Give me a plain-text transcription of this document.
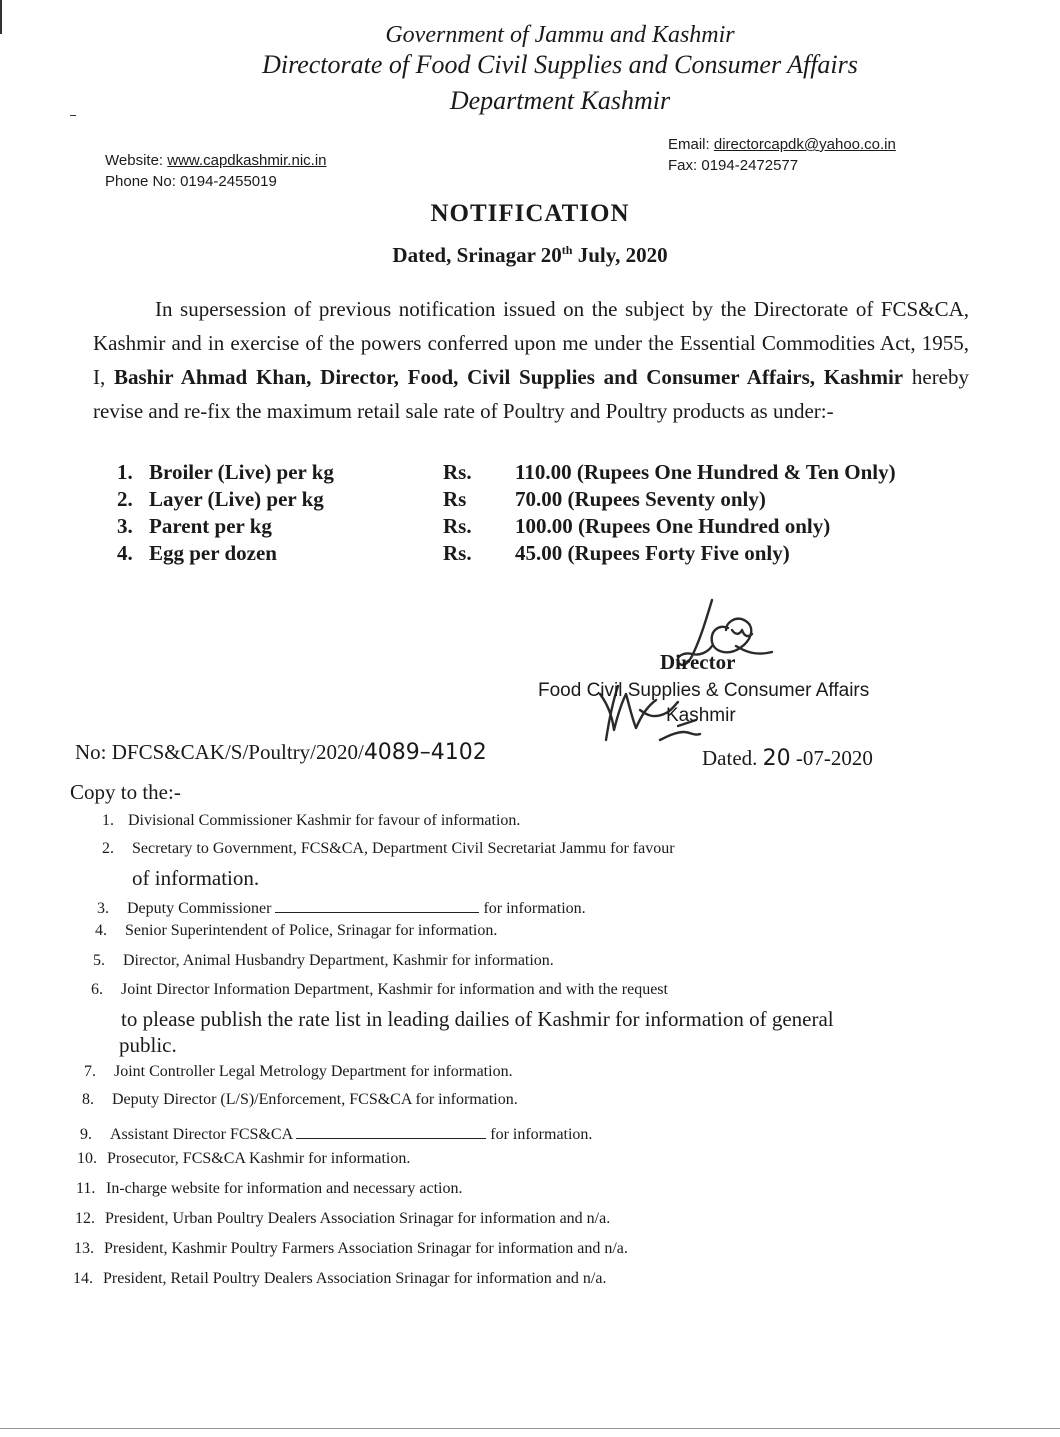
Government of Jammu and Kashmir
Directorate of Food Civil Supplies and Consumer Affairs
Department Kashmir
Website: www.capdkashmir.nic.in
Phone No: 0194-2455019
Email: directorcapdk@yahoo.co.in
Fax: 0194-2472577
NOTIFICATION
Dated, Srinagar 20th July, 2020
In supersession of previous notification issued on the subject by the Directorate of FCS&CA, Kashmir and in exercise of the powers conferred upon me under the Essential Commodities Act, 1955, I, Bashir Ahmad Khan, Director, Food, Civil Supplies and Consumer Affairs, Kashmir hereby revise and re-fix the maximum retail sale rate of Poultry and Poultry products as under:-
1. Broiler (Live) per kg	Rs. 110.00 (Rupees One Hundred & Ten Only)
2. Layer (Live) per kg	Rs 70.00 (Rupees Seventy only)
3. Parent per kg	Rs. 100.00 (Rupees One Hundred only)
4. Egg per dozen	Rs. 45.00 (Rupees Forty Five only)
Director
Food Civil Supplies & Consumer Affairs
Kashmir
No: DFCS&CAK/S/Poultry/2020/4089–4102	Dated. 20 -07-2020
Copy to the:-
1. Divisional Commissioner Kashmir for favour of information.
2. Secretary to Government, FCS&CA, Department Civil Secretariat Jammu for favour
of information.
3. Deputy Commissioner	for information.
4. Senior Superintendent of Police, Srinagar for information.
5. Director, Animal Husbandry Department, Kashmir for information.
6. Joint Director Information Department, Kashmir for information and with the request
to please publish the rate list in leading dailies of Kashmir for information of general
public.
7. Joint Controller Legal Metrology Department for information.
8. Deputy Director (L/S)/Enforcement, FCS&CA for information.
9. Assistant Director FCS&CA	for information.
10. Prosecutor, FCS&CA Kashmir for information.
11. In-charge website for information and necessary action.
12. President, Urban Poultry Dealers Association Srinagar for information and n/a.
13. President, Kashmir Poultry Farmers Association Srinagar for information and n/a.
14. President, Retail Poultry Dealers Association Srinagar for information and n/a.
